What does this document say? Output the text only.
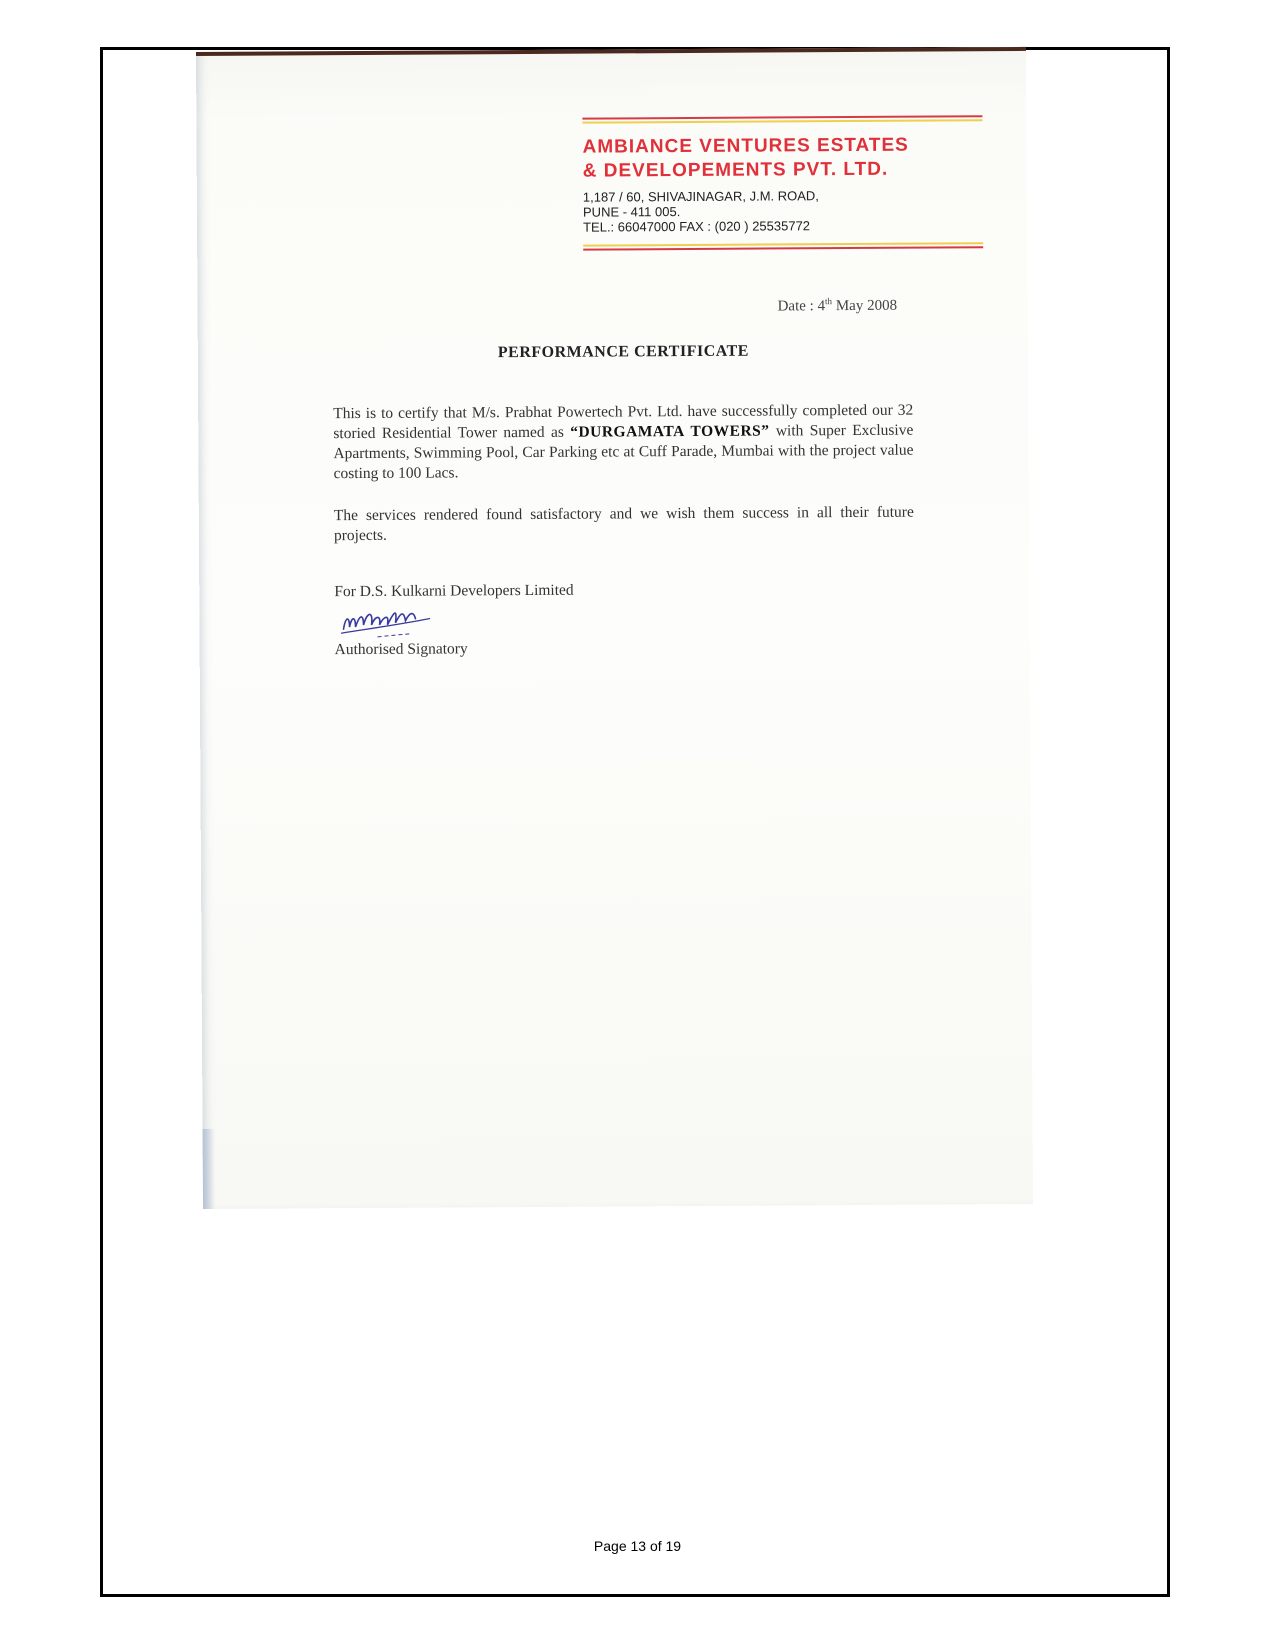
AMBIANCE VENTURES ESTATES
& DEVELOPEMENTS PVT. LTD.
1,187 / 60, SHIVAJINAGAR, J.M. ROAD,
PUNE - 411 005.
TEL.: 66047000 FAX : (020 ) 25535772
Date : 4th May 2008
PERFORMANCE CERTIFICATE
This is to certify that M/s. Prabhat Powertech Pvt. Ltd. have successfully completed our 32 storied Residential Tower named as “DURGAMATA TOWERS” with Super Exclusive Apartments, Swimming Pool, Car Parking etc at Cuff Parade, Mumbai with the project value costing to 100 Lacs.
The services rendered found satisfactory and we wish them success in all their future projects.
For D.S. Kulkarni Developers Limited
Authorised Signatory
Page 13 of 19
